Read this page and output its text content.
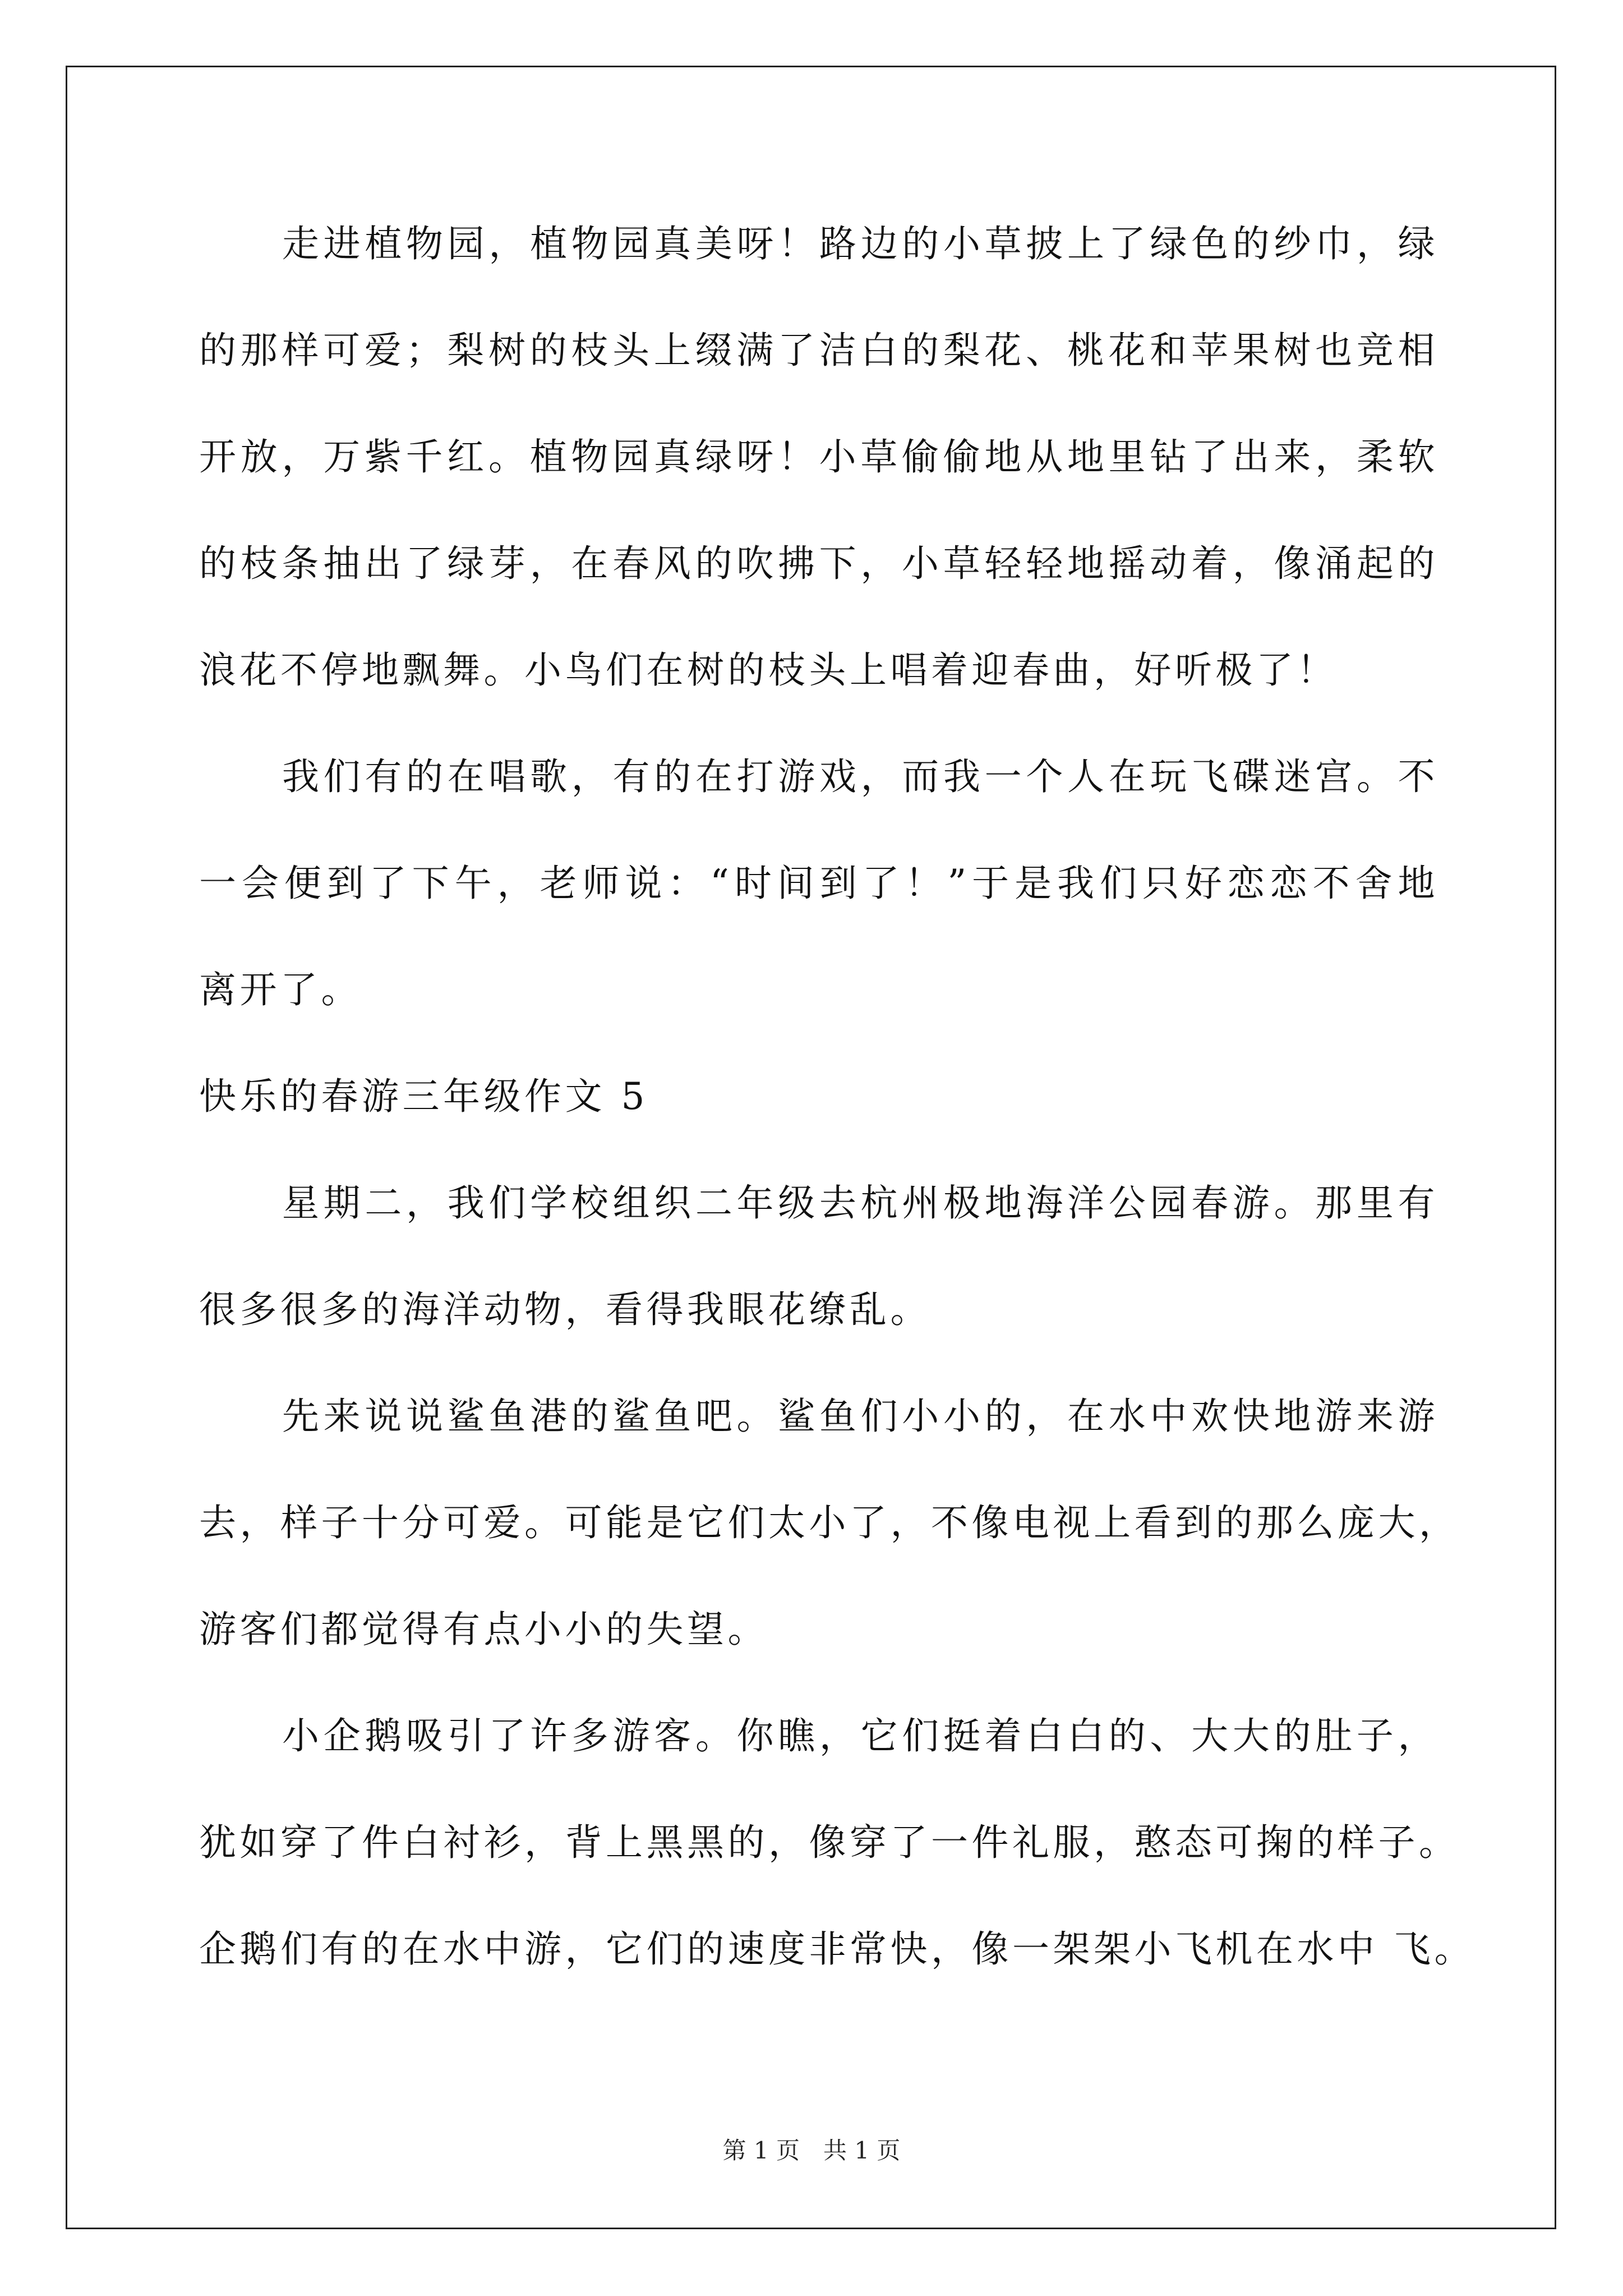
走进植物园，植物园真美呀！路边的小草披上了绿色的纱巾，绿
的那样可爱；梨树的枝头上缀满了洁白的梨花、桃花和苹果树也竞相
开放，万紫千红。植物园真绿呀！小草偷偷地从地里钻了出来，柔软
的枝条抽出了绿芽，在春风的吹拂下，小草轻轻地摇动着，像涌起的
浪花不停地飘舞。小鸟们在树的枝头上唱着迎春曲，好听极了！
我们有的在唱歌，有的在打游戏，而我一个人在玩飞碟迷宫。不
一会便到了下午，老师说：“时间到了！”于是我们只好恋恋不舍地
离开了。
快乐的春游三年级作文 5
星期二，我们学校组织二年级去杭州极地海洋公园春游。那里有
很多很多的海洋动物，看得我眼花缭乱。
先来说说鲨鱼港的鲨鱼吧。鲨鱼们小小的，在水中欢快地游来游
去，样子十分可爱。可能是它们太小了，不像电视上看到的那么庞大，
游客们都觉得有点小小的失望。
小企鹅吸引了许多游客。你瞧，它们挺着白白的、大大的肚子，
犹如穿了件白衬衫，背上黑黑的，像穿了一件礼服，憨态可掬的样子。
企鹅们有的在水中游，它们的速度非常快，像一架架小飞机在水中 飞。
第 1 页 共 1 页
